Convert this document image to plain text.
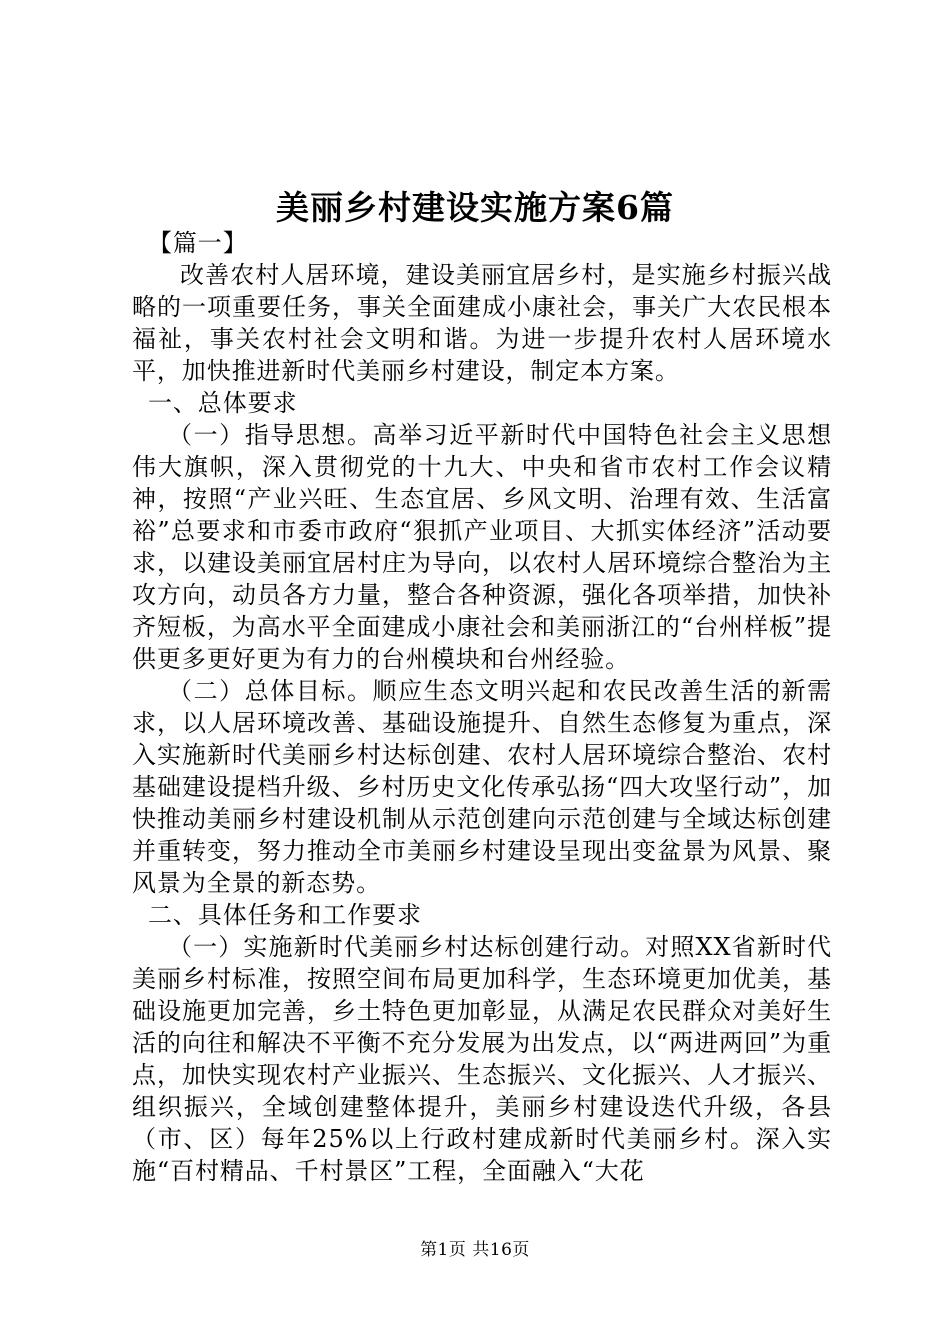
美丽乡村建设实施方案6篇

【篇一】

改善农村人居环境，建设美丽宜居乡村，是实施乡村振兴战略的一项重要任务，事关全面建成小康社会，事关广大农民根本福祉，事关农村社会文明和谐。为进一步提升农村人居环境水平，加快推进新时代美丽乡村建设，制定本方案。

一、总体要求

（一）指导思想。高举习近平新时代中国特色社会主义思想伟大旗帜，深入贯彻党的十九大、中央和省市农村工作会议精神，按照“产业兴旺、生态宜居、乡风文明、治理有效、生活富裕”总要求和市委市政府“狠抓产业项目、大抓实体经济”活动要求，以建设美丽宜居村庄为导向，以农村人居环境综合整治为主攻方向，动员各方力量，整合各种资源，强化各项举措，加快补齐短板，为高水平全面建成小康社会和美丽浙江的“台州样板”提供更多更好更为有力的台州模块和台州经验。

（二）总体目标。顺应生态文明兴起和农民改善生活的新需求，以人居环境改善、基础设施提升、自然生态修复为重点，深入实施新时代美丽乡村达标创建、农村人居环境综合整治、农村基础建设提档升级、乡村历史文化传承弘扬“四大攻坚行动”，加快推动美丽乡村建设机制从示范创建向示范创建与全域达标创建并重转变，努力推动全市美丽乡村建设呈现出变盆景为风景、聚风景为全景的新态势。

二、具体任务和工作要求

（一）实施新时代美丽乡村达标创建行动。对照XX省新时代美丽乡村标准，按照空间布局更加科学，生态环境更加优美，基础设施更加完善，乡土特色更加彰显，从满足农民群众对美好生活的向往和解决不平衡不充分发展为出发点，以“两进两回”为重点，加快实现农村产业振兴、生态振兴、文化振兴、人才振兴、组织振兴，全域创建整体提升，美丽乡村建设迭代升级，各县（市、区）每年25%以上行政村建成新时代美丽乡村。深入实施“百村精品、千村景区”工程，全面融入“大花

第1页 共16页
